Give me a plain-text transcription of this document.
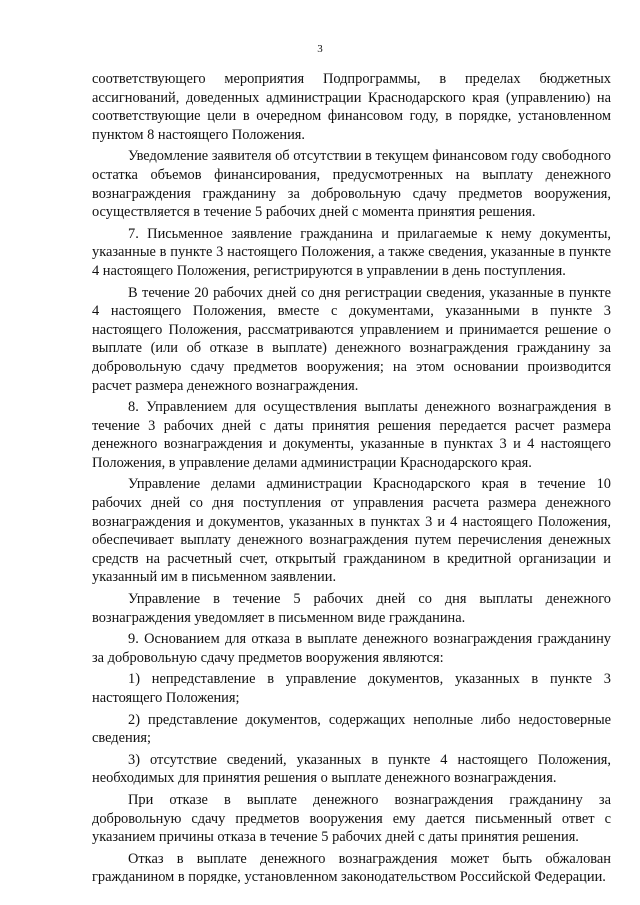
3

соответствующего мероприятия Подпрограммы, в пределах бюджетных ассигнований, доведенных администрации Краснодарского края (управлению) на соответствующие цели в очередном финансовом году, в порядке, установленном пунктом 8 настоящего Положения.

Уведомление заявителя об отсутствии в текущем финансовом году свободного остатка объемов финансирования, предусмотренных на выплату денежного вознаграждения гражданину за добровольную сдачу предметов вооружения, осуществляется в течение 5 рабочих дней с момента принятия решения.

7. Письменное заявление гражданина и прилагаемые к нему документы, указанные в пункте 3 настоящего Положения, а также сведения, указанные в пункте 4 настоящего Положения, регистрируются в управлении в день поступления.

В течение 20 рабочих дней со дня регистрации сведения, указанные в пункте 4 настоящего Положения, вместе с документами, указанными в пункте 3 настоящего Положения, рассматриваются управлением и принимается решение о выплате (или об отказе в выплате) денежного вознаграждения гражданину за добровольную сдачу предметов вооружения; на этом основании производится расчет размера денежного вознаграждения.

8. Управлением для осуществления выплаты денежного вознаграждения в течение 3 рабочих дней с даты принятия решения передается расчет размера денежного вознаграждения и документы, указанные в пунктах 3 и 4 настоящего Положения, в управление делами администрации Краснодарского края.

Управление делами администрации Краснодарского края в течение 10 рабочих дней со дня поступления от управления расчета размера денежного вознаграждения и документов, указанных в пунктах 3 и 4 настоящего Положения, обеспечивает выплату денежного вознаграждения путем перечисления денежных средств на расчетный счет, открытый гражданином в кредитной организации и указанный им в письменном заявлении.

Управление в течение 5 рабочих дней со дня выплаты денежного вознаграждения уведомляет в письменном виде гражданина.

9. Основанием для отказа в выплате денежного вознаграждения гражданину за добровольную сдачу предметов вооружения являются:

1) непредставление в управление документов, указанных в пункте 3 настоящего Положения;

2) представление документов, содержащих неполные либо недостоверные сведения;

3) отсутствие сведений, указанных в пункте 4 настоящего Положения, необходимых для принятия решения о выплате денежного вознаграждения.

При отказе в выплате денежного вознаграждения гражданину за добровольную сдачу предметов вооружения ему дается письменный ответ с указанием причины отказа в течение 5 рабочих дней с даты принятия решения.

Отказ в выплате денежного вознаграждения может быть обжалован гражданином в порядке, установленном законодательством Российской Федерации.
